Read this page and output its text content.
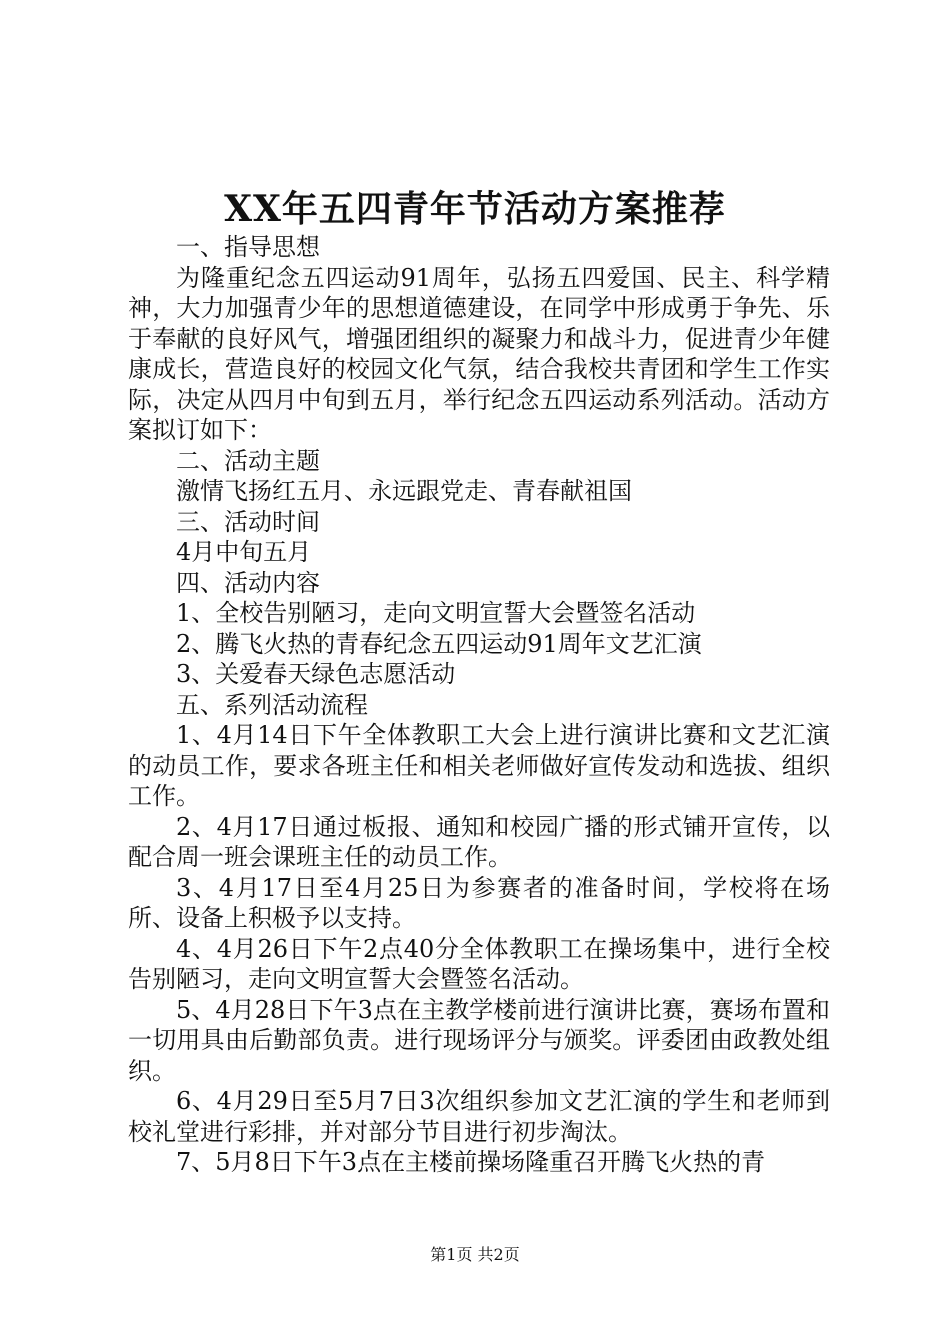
XX年五四青年节活动方案推荐

一、指导思想

为隆重纪念五四运动91周年，弘扬五四爱国、民主、科学精神，大力加强青少年的思想道德建设，在同学中形成勇于争先、乐于奉献的良好风气，增强团组织的凝聚力和战斗力，促进青少年健康成长，营造良好的校园文化气氛，结合我校共青团和学生工作实际，决定从四月中旬到五月，举行纪念五四运动系列活动。活动方案拟订如下：

二、活动主题

激情飞扬红五月、永远跟党走、青春献祖国

三、活动时间

4月中旬五月

四、活动内容

1、全校告别陋习，走向文明宣誓大会暨签名活动

2、腾飞火热的青春纪念五四运动91周年文艺汇演

3、关爱春天绿色志愿活动

五、系列活动流程

1、4月14日下午全体教职工大会上进行演讲比赛和文艺汇演的动员工作，要求各班主任和相关老师做好宣传发动和选拔、组织工作。

2、4月17日通过板报、通知和校园广播的形式铺开宣传，以配合周一班会课班主任的动员工作。

3、4月17日至4月25日为参赛者的准备时间，学校将在场所、设备上积极予以支持。

4、4月26日下午2点40分全体教职工在操场集中，进行全校告别陋习，走向文明宣誓大会暨签名活动。

5、4月28日下午3点在主教学楼前进行演讲比赛，赛场布置和一切用具由后勤部负责。进行现场评分与颁奖。评委团由政教处组织。

6、4月29日至5月7日3次组织参加文艺汇演的学生和老师到校礼堂进行彩排，并对部分节目进行初步淘汰。

7、5月8日下午3点在主楼前操场隆重召开腾飞火热的青

第1页 共2页
